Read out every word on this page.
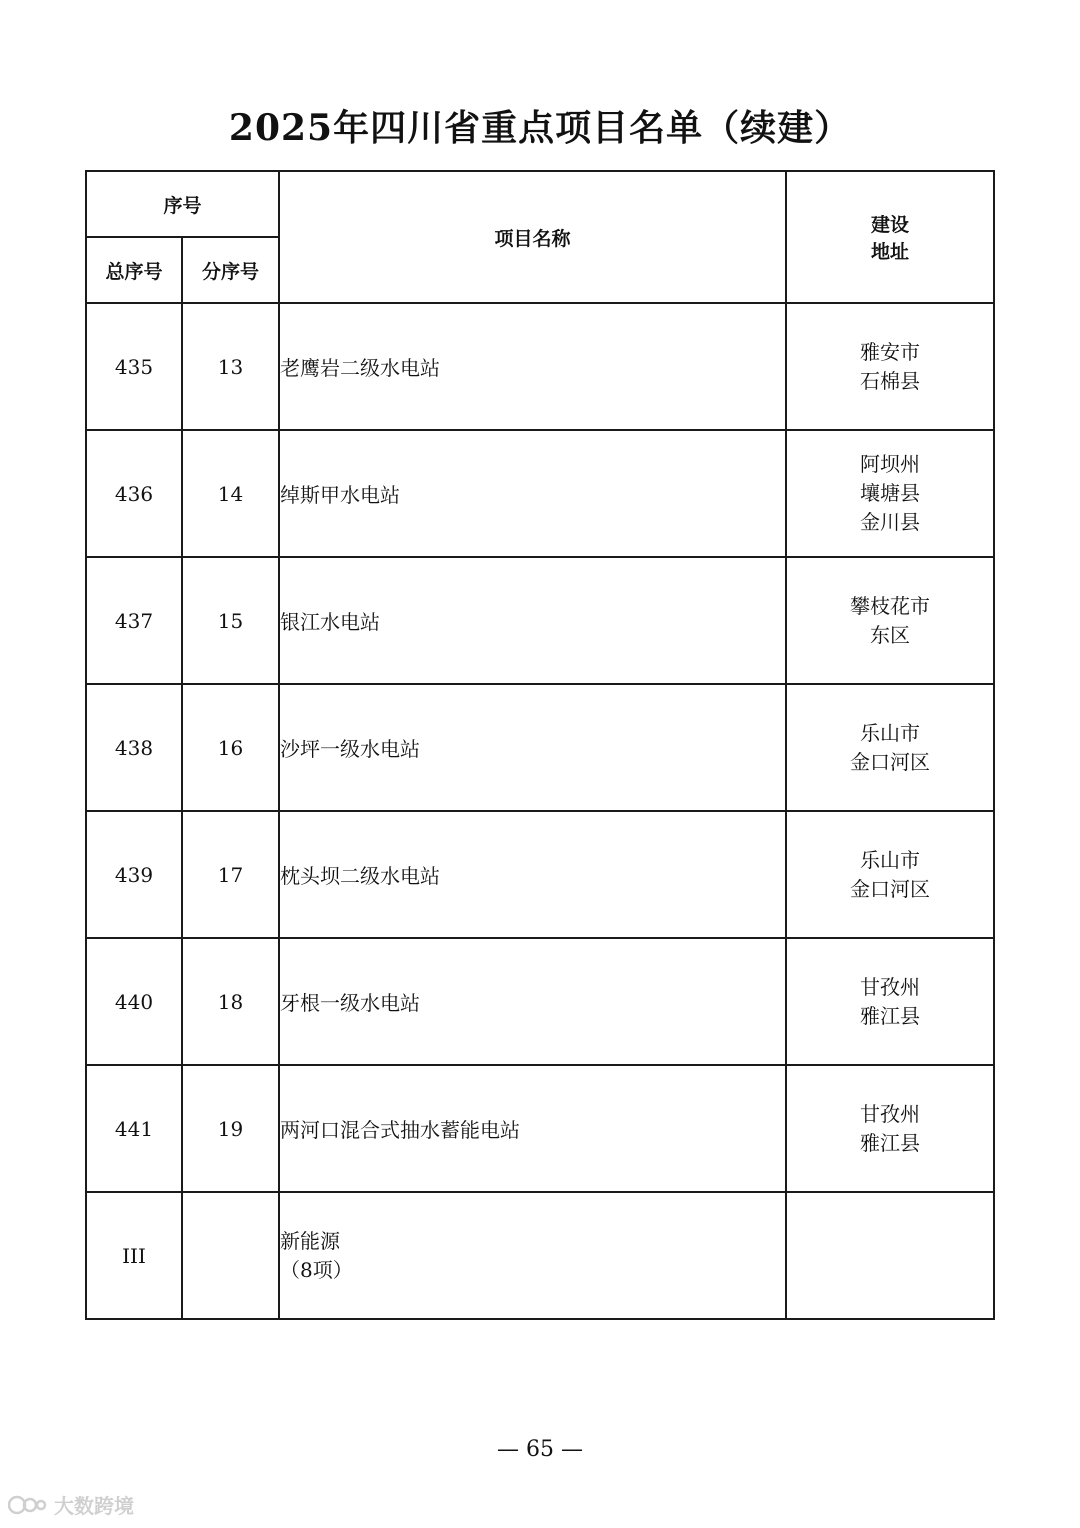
2025年四川省重点项目名单（续建）
序号		项目名称	建设
地址

总序号	分序号		
435	13	老鹰岩二级水电站	雅安市
石棉县

436	14	绰斯甲水电站	阿坝州
壤塘县
金川县

437	15	银江水电站	攀枝花市
东区

438	16	沙坪一级水电站	乐山市
金口河区

439	17	枕头坝二级水电站	乐山市
金口河区

440	18	牙根一级水电站	甘孜州
雅江县

441	19	两河口混合式抽水蓄能电站	甘孜州
雅江县

III		新能源
（8项）	

— 65 —
大数跨境
